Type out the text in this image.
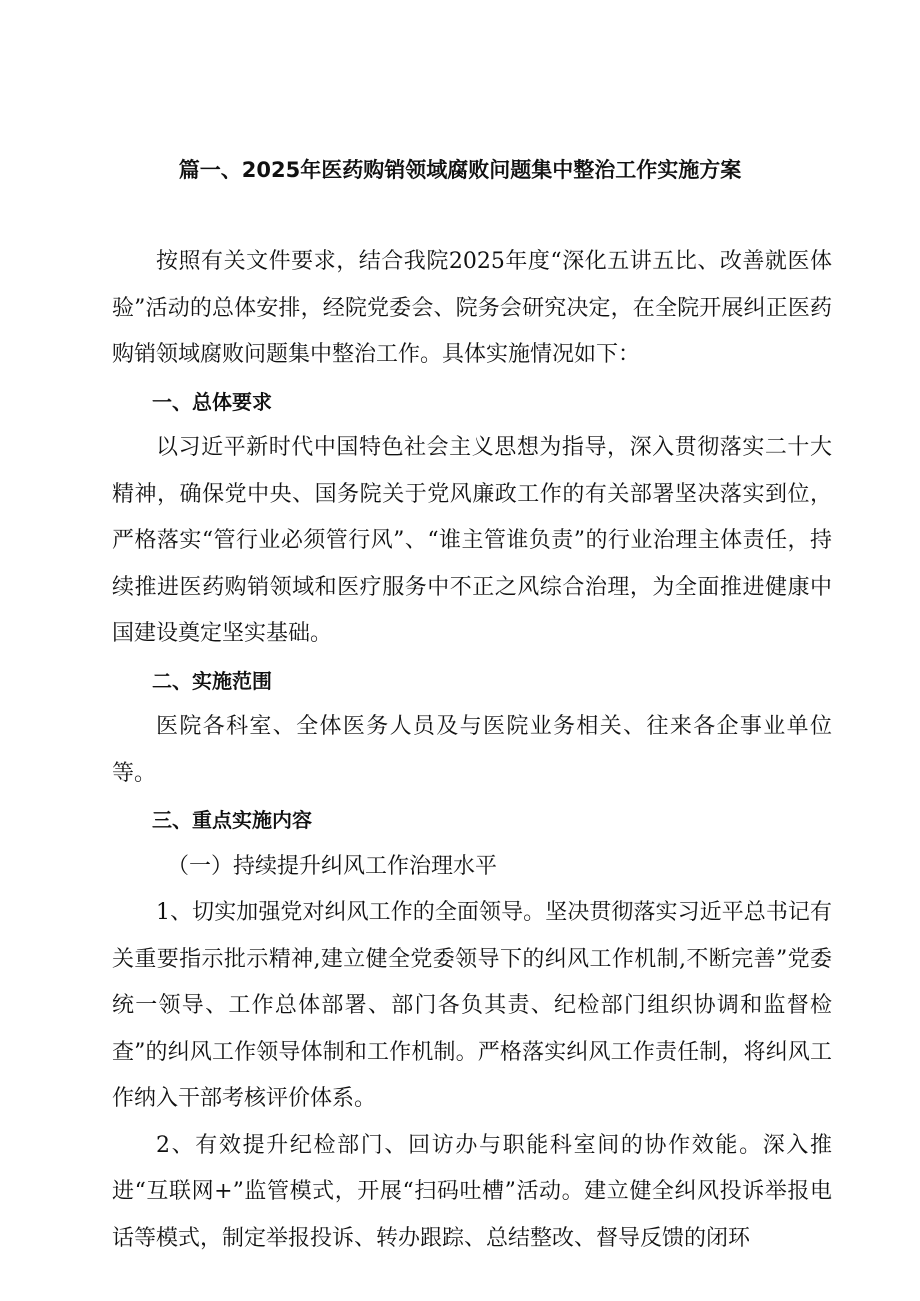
篇一、2025年医药购销领域腐败问题集中整治工作实施方案

按照有关文件要求，结合我院2025年度“深化五讲五比、改善就医体验”活动的总体安排，经院党委会、院务会研究决定，在全院开展纠正医药购销领域腐败问题集中整治工作。具体实施情况如下：

一、总体要求

以习近平新时代中国特色社会主义思想为指导，深入贯彻落实二十大精神，确保党中央、国务院关于党风廉政工作的有关部署坚决落实到位，严格落实“管行业必须管行风”、“谁主管谁负责”的行业治理主体责任，持续推进医药购销领域和医疗服务中不正之风综合治理，为全面推进健康中国建设奠定坚实基础。

二、实施范围

医院各科室、全体医务人员及与医院业务相关、往来各企事业单位等。

三、重点实施内容

（一）持续提升纠风工作治理水平

1、切实加强党对纠风工作的全面领导。坚决贯彻落实习近平总书记有关重要指示批示精神,建立健全党委领导下的纠风工作机制,不断完善”党委统一领导、工作总体部署、部门各负其责、纪检部门组织协调和监督检查”的纠风工作领导体制和工作机制。严格落实纠风工作责任制，将纠风工作纳入干部考核评价体系。

2、有效提升纪检部门、回访办与职能科室间的协作效能。深入推进“互联网+”监管模式，开展“扫码吐槽”活动。建立健全纠风投诉举报电话等模式，制定举报投诉、转办跟踪、总结整改、督导反馈的闭环
